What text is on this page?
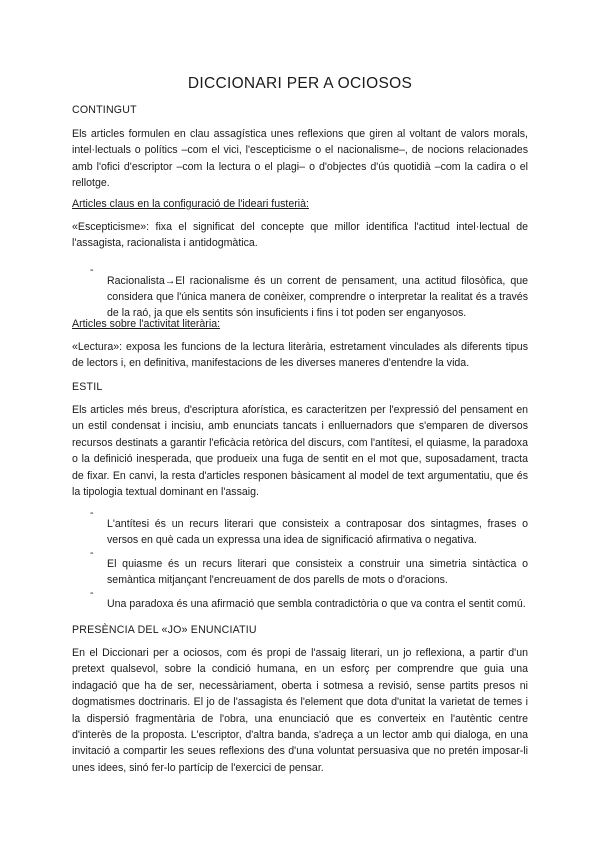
DICCIONARI PER A OCIOSOS

CONTINGUT

Els articles formulen en clau assagística unes reflexions que giren al voltant de valors morals, intel·lectuals o polítics –com el vici, l'escepticisme o el nacionalisme–, de nocions relacionades amb l'ofici d'escriptor –com la lectura o el plagi– o d'objectes d'ús quotidià –com la cadira o el rellotge.

Articles claus en la configuració de l'ideari fusterià:

«Escepticisme»: fixa el significat del concepte que millor identifica l'actitud intel·lectual de l'assagista, racionalista i antidogmàtica.

-

Racionalista→El racionalisme és un corrent de pensament, una actitud filosòfica, que considera que l'única manera de conèixer, comprendre o interpretar la realitat és a través de la raó, ja que els sentits són insuficients i fins i tot poden ser enganyosos.

Articles sobre l'activitat literària:

«Lectura»: exposa les funcions de la lectura literària, estretament vinculades als diferents tipus de lectors i, en definitiva, manifestacions de les diverses maneres d'entendre la vida.

ESTIL

Els articles més breus, d'escriptura aforística, es caracteritzen per l'expressió del pensament en un estil condensat i incisiu, amb enunciats tancats i enlluernadors que s'emparen de diversos recursos destinats a garantir l'eficàcia retòrica del discurs, com l'antítesi, el quiasme, la paradoxa o la definició inesperada, que produeix una fuga de sentit en el mot que, suposadament, tracta de fixar. En canvi, la resta d'articles responen bàsicament al model de text argumentatiu, que és la tipologia textual dominant en l'assaig.

-

L'antítesi és un recurs literari que consisteix a contraposar dos sintagmes, frases o versos en què cada un expressa una idea de significació afirmativa o negativa.

-

El quiasme és un recurs literari que consisteix a construir una simetria sintàctica o semàntica mitjançant l'encreuament de dos parells de mots o d'oracions.

-

Una paradoxa és una afirmació que sembla contradictòria o que va contra el sentit comú.

PRESÈNCIA DEL «JO» ENUNCIATIU

En el Diccionari per a ociosos, com és propi de l'assaig literari, un jo reflexiona, a partir d'un pretext qualsevol, sobre la condició humana, en un esforç per comprendre que guia una indagació que ha de ser, necessàriament, oberta i sotmesa a revisió, sense partits presos ni dogmatismes doctrinaris. El jo de l'assagista és l'element que dota d'unitat la varietat de temes i la dispersió fragmentària de l'obra, una enunciació que es converteix en l'autèntic centre d'interès de la proposta. L'escriptor, d'altra banda, s'adreça a un lector amb qui dialoga, en una invitació a compartir les seues reflexions des d'una voluntat persuasiva que no pretén imposar-li unes idees, sinó fer-lo partícip de l'exercici de pensar.
